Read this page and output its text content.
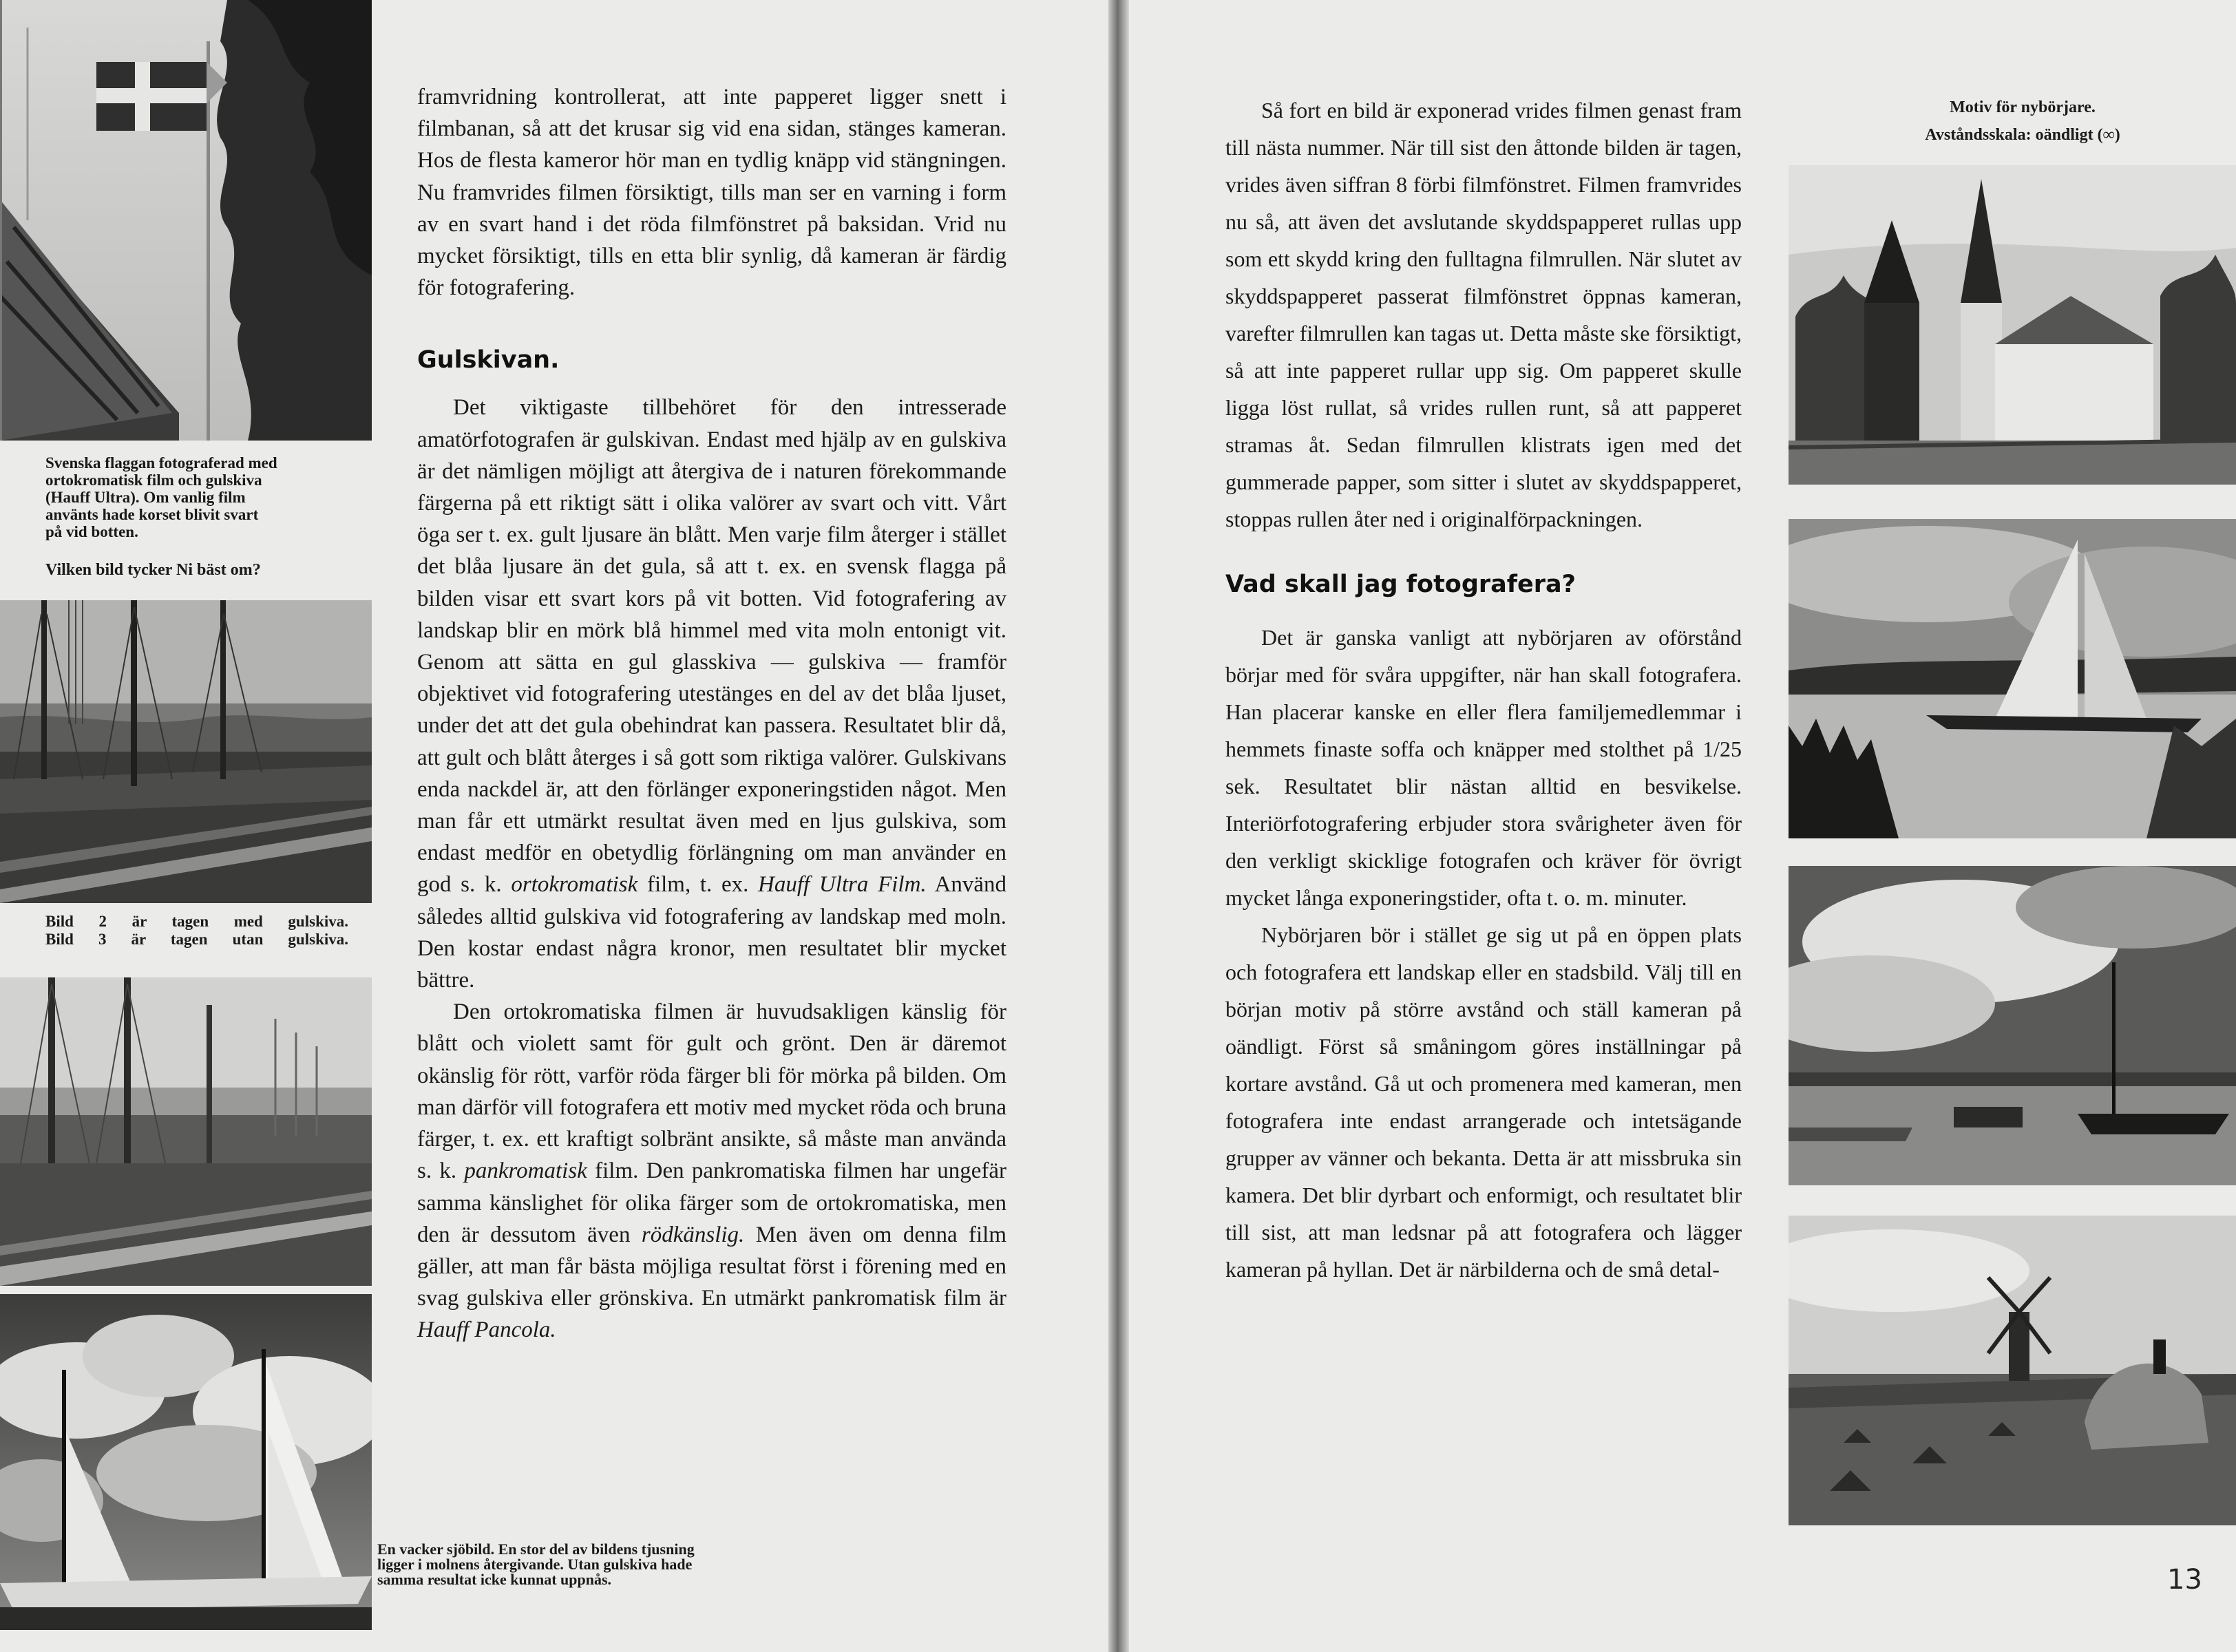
Svenska flaggan fotograferad med

ortokromatisk film och gulskiva

(Hauff Ultra). Om vanlig film

använts hade korset blivit svart

på vid botten.

Vilken bild tycker Ni bäst om?

Bild 2 är tagen med gulskiva.

Bild 3 är tagen utan gulskiva.

framvridning kontrollerat, att inte papperet ligger snett i filmbanan, så att det krusar sig vid ena sidan, stänges kameran. Hos de flesta kameror hör man en tydlig knäpp vid stängningen. Nu framvrides filmen försiktigt, tills man ser en varning i form av en svart hand i det röda filmfönstret på baksidan. Vrid nu mycket försiktigt, tills en etta blir synlig, då kameran är färdig för fotografering.

Gulskivan.

Det viktigaste tillbehöret för den intresserade amatörfotografen är gulskivan. Endast med hjälp av en gulskiva är det nämligen möjligt att återgiva de i naturen förekommande färgerna på ett riktigt sätt i olika valörer av svart och vitt. Vårt öga ser t. ex. gult ljusare än blått. Men varje film återger i stället det blåa ljusare än det gula, så att t. ex. en svensk flagga på bilden visar ett svart kors på vit botten. Vid fotografering av landskap blir en mörk blå himmel med vita moln entonigt vit. Genom att sätta en gul glasskiva — gulskiva — framför objektivet vid fotografering utestänges en del av det blåa ljuset, under det att det gula obehindrat kan passera. Resultatet blir då, att gult och blått återges i så gott som riktiga valörer. Gulskivans enda nackdel är, att den förlänger exponeringstiden något. Men man får ett utmärkt resultat även med en ljus gulskiva, som endast medför en obetydlig förlängning om man använder en god s. k. ortokromatisk film, t. ex. Hauff Ultra Film. Använd således alltid gulskiva vid fotografering av landskap med moln. Den kostar endast några kronor, men resultatet blir mycket bättre.

Den ortokromatiska filmen är huvudsakligen känslig för blått och violett samt för gult och grönt. Den är däremot okänslig för rött, varför röda färger bli för mörka på bilden. Om man därför vill fotografera ett motiv med mycket röda och bruna färger, t. ex. ett kraftigt solbränt ansikte, så måste man använda s. k. pankromatisk film. Den pankromatiska filmen har ungefär samma känslighet för olika färger som de ortokromatiska, men den är dessutom även rödkänslig. Men även om denna film gäller, att man får bästa möjliga resultat först i förening med en svag gulskiva eller grönskiva. En utmärkt pankromatisk film är Hauff Pancola.

En vacker sjöbild. En stor del av bildens tjusning

ligger i molnens återgivande. Utan gulskiva hade

samma resultat icke kunnat uppnås.

Motiv för nybörjare.

Avståndsskala: oändligt (∞)

Så fort en bild är exponerad vrides filmen genast fram till nästa nummer. När till sist den åttonde bilden är tagen, vrides även siffran 8 förbi filmfönstret. Filmen framvrides nu så, att även det avslutande skyddspapperet rullas upp som ett skydd kring den fulltagna filmrullen. När slutet av skyddspapperet passerat filmfönstret öppnas kameran, varefter filmrullen kan tagas ut. Detta måste ske försiktigt, så att inte papperet rullar upp sig. Om papperet skulle ligga löst rullat, så vrides rullen runt, så att papperet stramas åt. Sedan filmrullen klistrats igen med det gummerade papper, som sitter i slutet av skyddspapperet, stoppas rullen åter ned i originalförpackningen.

Vad skall jag fotografera?

Det är ganska vanligt att nybörjaren av oförstånd börjar med för svåra uppgifter, när han skall fotografera. Han placerar kanske en eller flera familjemedlemmar i hemmets finaste soffa och knäpper med stolthet på 1/25 sek. Resultatet blir nästan alltid en besvikelse. Interiörfotografering erbjuder stora svårigheter även för den verkligt skicklige fotografen och kräver för övrigt mycket långa exponeringstider, ofta t. o. m. minuter.

Nybörjaren bör i stället ge sig ut på en öppen plats och fotografera ett landskap eller en stadsbild. Välj till en början motiv på större avstånd och ställ kameran på oändligt. Först så småningom göres inställningar på kortare avstånd. Gå ut och promenera med kameran, men fotografera inte endast arrangerade och intetsägande grupper av vänner och bekanta. Detta är att missbruka sin kamera. Det blir dyrbart och enformigt, och resultatet blir till sist, att man ledsnar på att fotografera och lägger kameran på hyllan. Det är närbilderna och de små detal-

13
